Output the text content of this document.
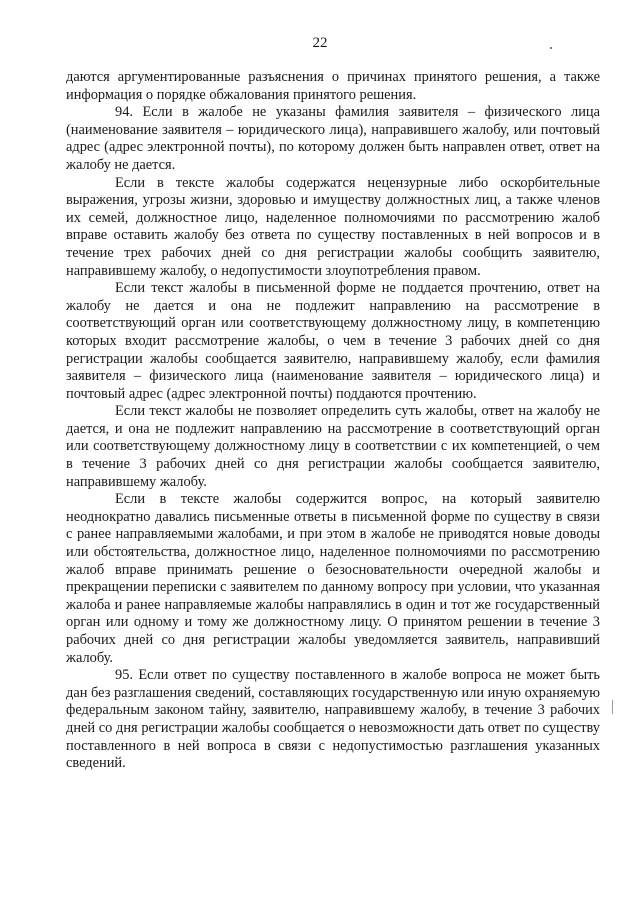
22

даются аргументированные разъяснения о причинах принятого решения, а также информация о порядке обжалования принятого решения.

94. Если в жалобе не указаны фамилия заявителя – физического лица (наименование заявителя – юридического лица), направившего жалобу, или почтовый адрес (адрес электронной почты), по которому должен быть направлен ответ, ответ на жалобу не дается.

Если в тексте жалобы содержатся нецензурные либо оскорбительные выражения, угрозы жизни, здоровью и имуществу должностных лиц, а также членов их семей, должностное лицо, наделенное полномочиями по рассмотрению жалоб вправе оставить жалобу без ответа по существу поставленных в ней вопросов и в течение трех рабочих дней со дня регистрации жалобы сообщить заявителю, направившему жалобу, о недопустимости злоупотребления правом.

Если текст жалобы в письменной форме не поддается прочтению, ответ на жалобу не дается и она не подлежит направлению на рассмотрение в соответствующий орган или соответствующему должностному лицу, в компетенцию которых входит рассмотрение жалобы, о чем в течение 3 рабочих дней со дня регистрации жалобы сообщается заявителю, направившему жалобу, если фамилия заявителя – физического лица (наименование заявителя – юридического лица) и почтовый адрес (адрес электронной почты) поддаются прочтению.

Если текст жалобы не позволяет определить суть жалобы, ответ на жалобу не дается, и она не подлежит направлению на рассмотрение в соответствующий орган или соответствующему должностному лицу в соответствии с их компетенцией, о чем в течение 3 рабочих дней со дня регистрации жалобы сообщается заявителю, направившему жалобу.

Если в тексте жалобы содержится вопрос, на который заявителю неоднократно давались письменные ответы в письменной форме по существу в связи с ранее направляемыми жалобами, и при этом в жалобе не приводятся новые доводы или обстоятельства, должностное лицо, наделенное полномочиями по рассмотрению жалоб вправе принимать решение о безосновательности очередной жалобы и прекращении переписки с заявителем по данному вопросу при условии, что указанная жалоба и ранее направляемые жалобы направлялись в один и тот же государственный орган или одному и тому же должностному лицу. О принятом решении в течение 3 рабочих дней со дня регистрации жалобы уведомляется заявитель, направивший жалобу.

95. Если ответ по существу поставленного в жалобе вопроса не может быть дан без разглашения сведений, составляющих государственную или иную охраняемую федеральным законом тайну, заявителю, направившему жалобу, в течение 3 рабочих дней со дня регистрации жалобы сообщается о невозможности дать ответ по существу поставленного в ней вопроса в связи с недопустимостью разглашения указанных сведений.
